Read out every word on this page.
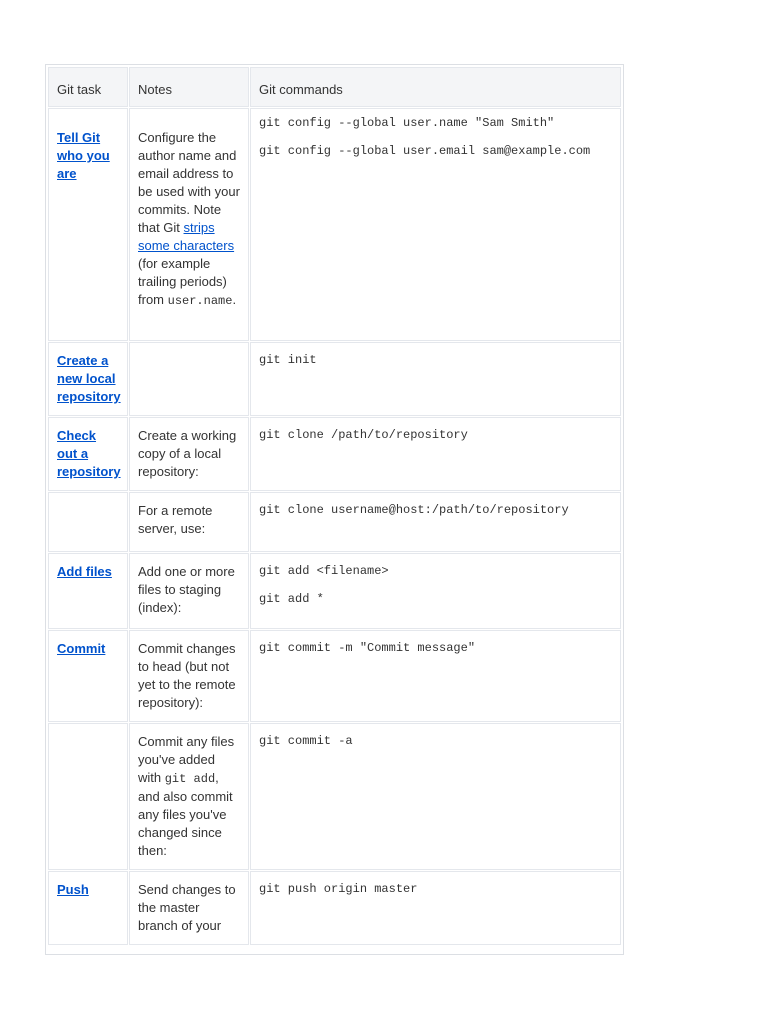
Git task	Notes	Git commands
Tell Git who you are	Configure the author name and email address to be used with your commits. Note that Git strips some characters (for example trailing periods) from user.name.	git config --global user.name "Sam Smith"
git config --global user.email sam@example.com

Create a new local repository		git init

Check out a repository	Create a working copy of a local repository:	git clone /path/to/repository

	For a remote server, use:	git clone username@host:/path/to/repository

Add files	Add one or more files to staging (index):	git add <filename>
git add *

Commit	Commit changes to head (but not yet to the remote repository):	git commit -m "Commit message"

	Commit any files you've added with git add, and also commit any files you've changed since then:	git commit -a

Push	Send changes to the master branch of your	git push origin master
